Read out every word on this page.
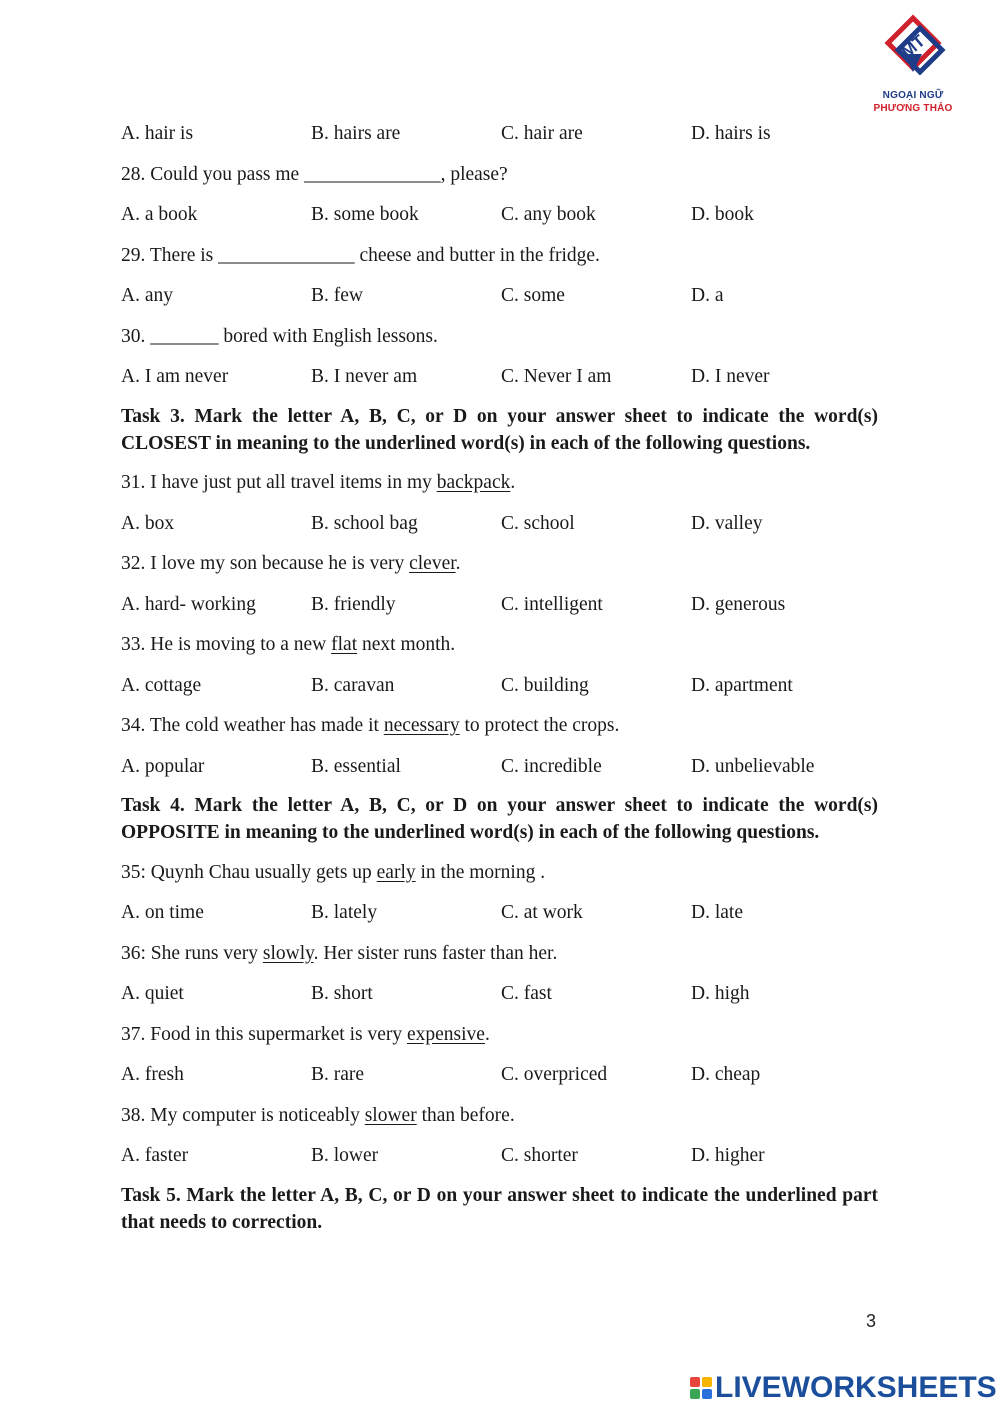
MT
NGOẠI NGỮ
PHƯƠNG THẢO
A. hair is	B. hairs are	C. hair are	D. hairs is
28. Could you pass me ______________, please?
A. a book	B. some book	C. any book	D. book
29. There is ______________ cheese and butter in the fridge.
A. any	B. few	C. some	D. a
30. _______ bored with English lessons.
A. I am never	B. I never am	C. Never I am	D. I never
Task 3. Mark the letter A, B, C, or D on your answer sheet to indicate the word(s) CLOSEST in meaning to the underlined word(s) in each of the following questions.
31. I have just put all travel items in my backpack.
A. box	B. school bag	C. school	D. valley
32. I love my son because he is very clever.
A. hard- working	B. friendly	C. intelligent	D. generous
33. He is moving to a new flat next month.
A. cottage	B. caravan	C. building	D. apartment
34. The cold weather has made it necessary to protect the crops.
A. popular	B. essential	C. incredible	D. unbelievable
Task 4. Mark the letter A, B, C, or D on your answer sheet to indicate the word(s) OPPOSITE in meaning to the underlined word(s) in each of the following questions.
35: Quynh Chau usually gets up early in the morning .
A. on time	B. lately	C. at work	D. late
36: She runs very slowly. Her sister runs faster than her.
A. quiet	B. short	C. fast	D. high
37. Food in this supermarket is very expensive.
A. fresh	B. rare	C. overpriced	D. cheap
38. My computer is noticeably slower than before.
A. faster	B. lower	C. shorter	D. higher
Task 5. Mark the letter A, B, C, or D on your answer sheet to indicate the underlined part that needs to correction.
3
LIVEWORKSHEETS
